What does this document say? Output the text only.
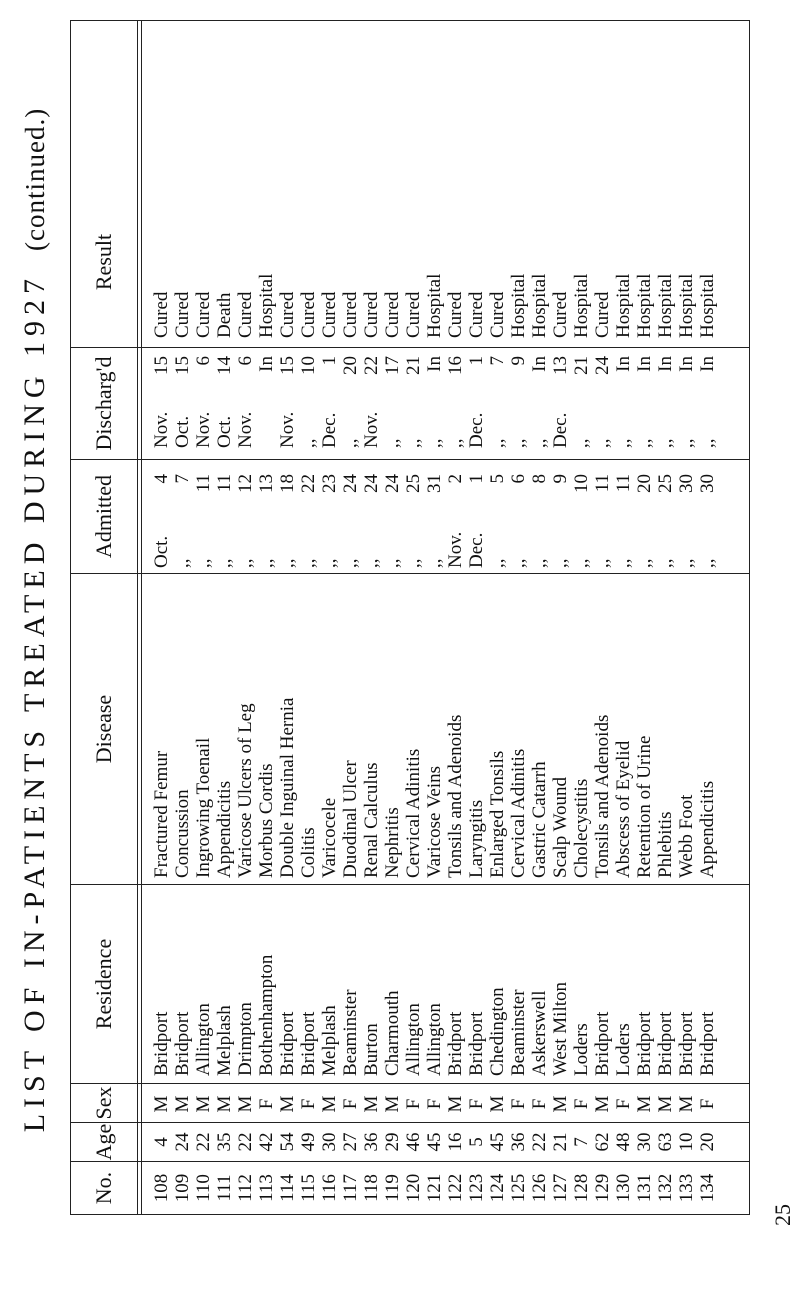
LIST OF IN-PATIENTS TREATED DURING 1927
(continued.)
No.
Age
Sex
Residence
Disease
Admitted
Discharg'd
Result
108
4
M
Bridport
Fractured Femur
Oct.
4
Nov.
15
Cured
109
24
M
Bridport
Concussion
,,
7
Oct.
15
Cured
110
22
M
Allington
Ingrowing Toenail
,,
11
Nov.
6
Cured
111
35
M
Melplash
Appendicitis
,,
11
Oct.
14
Death
112
22
M
Drimpton
Varicose Ulcers of Leg
,,
12
Nov.
6
Cured
113
42
F
Bothenhampton
Morbus Cordis
,,
13
In
Hospital
114
54
M
Bridport
Double Inguinal Hernia
,,
18
Nov.
15
Cured
115
49
F
Bridport
Colitis
,,
22
,,
10
Cured
116
30
M
Melplash
Varicocele
,,
23
Dec.
1
Cured
117
27
F
Beaminster
Duodinal Ulcer
,,
24
,,
20
Cured
118
36
M
Burton
Renal Calculus
,,
24
Nov.
22
Cured
119
29
M
Charmouth
Nephritis
,,
24
,,
17
Cured
120
46
F
Allington
Cervical Adinitis
,,
25
,,
21
Cured
121
45
F
Allington
Varicose Veins
,,
31
,,
In
Hospital
122
16
M
Bridport
Tonsils and Adenoids
Nov.
2
,,
16
Cured
123
5
F
Bridport
Laryngitis
Dec.
1
Dec.
1
Cured
124
45
M
Chedington
Enlarged Tonsils
,,
5
,,
7
Cured
125
36
F
Beaminster
Cervical Adinitis
,,
6
,,
9
Hospital
126
22
F
Askerswell
Gastric Catarrh
,,
8
,,
In
Hospital
127
21
M
West Milton
Scalp Wound
,,
9
Dec.
13
Cured
128
7
F
Loders
Cholecystitis
,,
10
,,
21
Hospital
129
62
M
Bridport
Tonsils and Adenoids
,,
11
,,
24
Cured
130
48
F
Loders
Abscess of Eyelid
,,
11
,,
In
Hospital
131
30
M
Bridport
Retention of Urine
,,
20
,,
In
Hospital
132
63
M
Bridport
Phlebitis
,,
25
,,
In
Hospital
133
10
M
Bridport
Webb Foot
,,
30
,,
In
Hospital
134
20
F
Bridport
Appendicitis
,,
30
,,
In
Hospital
25
